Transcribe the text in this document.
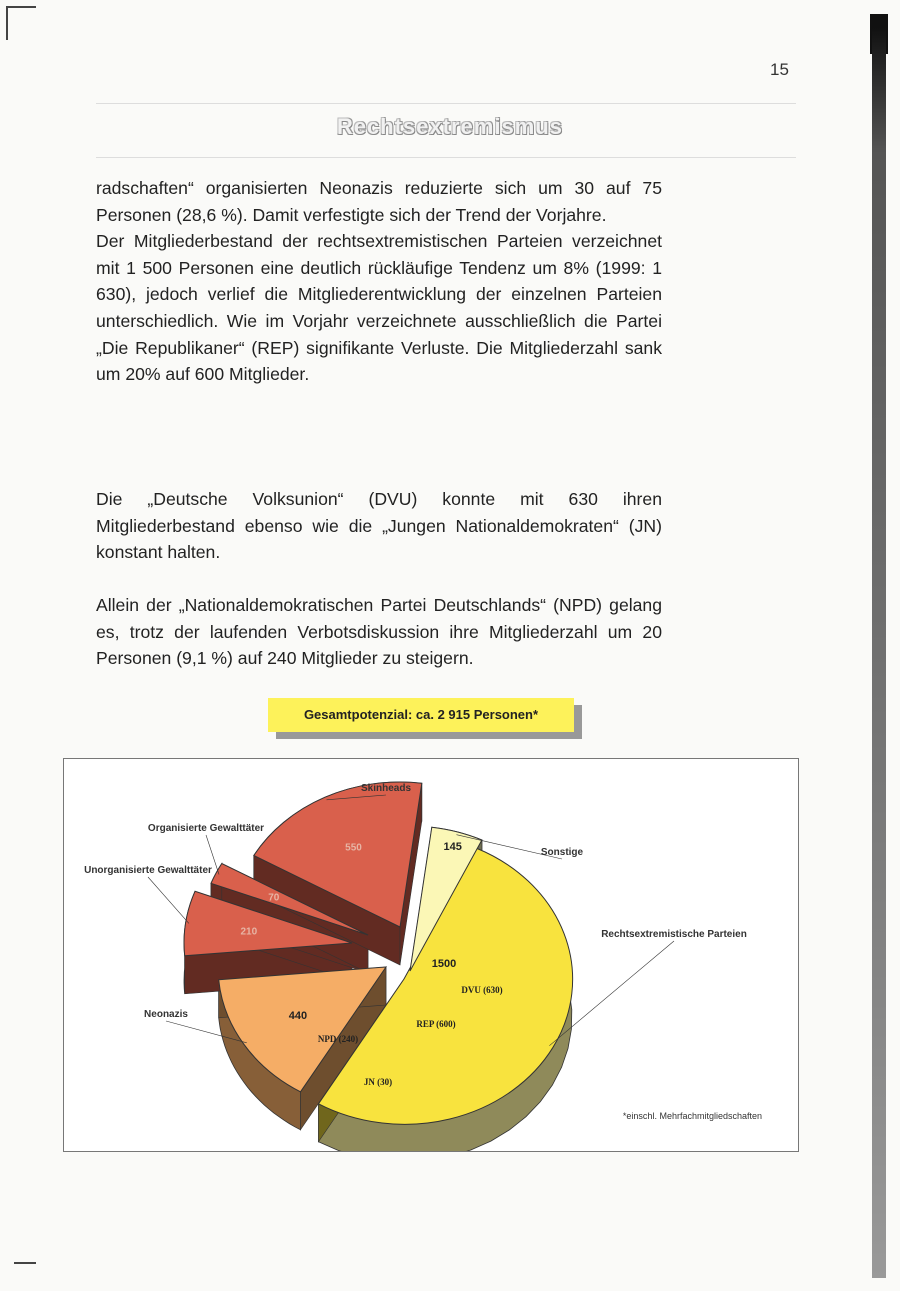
15
Rechtsextremismus

radschaften“ organisierten Neonazis reduzierte sich um 30 auf 75 Personen (28,6 %). Damit verfestigte sich der Trend der Vorjahre.

Der Mitgliederbestand der rechtsextremistischen Parteien verzeichnet mit 1 500 Personen eine deutlich rückläufige Tendenz um 8% (1999: 1 630), jedoch verlief die Mitgliederentwicklung der einzelnen Parteien unterschiedlich. Wie im Vorjahr verzeichnete ausschließlich die Partei „Die Republikaner“ (REP) signifikante Verluste. Die Mitgliederzahl sank um 20% auf 600 Mitglieder.

Die „Deutsche Volksunion“ (DVU) konnte mit 630 ihren Mitgliederbestand ebenso wie die „Jungen Nationaldemokraten“ (JN) konstant halten.

Allein der „Nationaldemokratischen Partei Deutschlands“ (NPD) gelang es, trotz der laufenden Verbotsdiskussion ihre Mitgliederzahl um 20 Personen (9,1 %) auf 240 Mitglieder zu steigern.

Gesamtpotenzial: ca. 2 915 Personen*
1500
440
210
70
550	145
Rechtsextremistische Parteien
Neonazis
Unorganisierte Gewalttäter
Organisierte Gewalttäter
Skinheads
Sonstige
DVU (630)
REP (600)
NPD (240)
JN (30)
*einschl. Mehrfachmitgliedschaften
